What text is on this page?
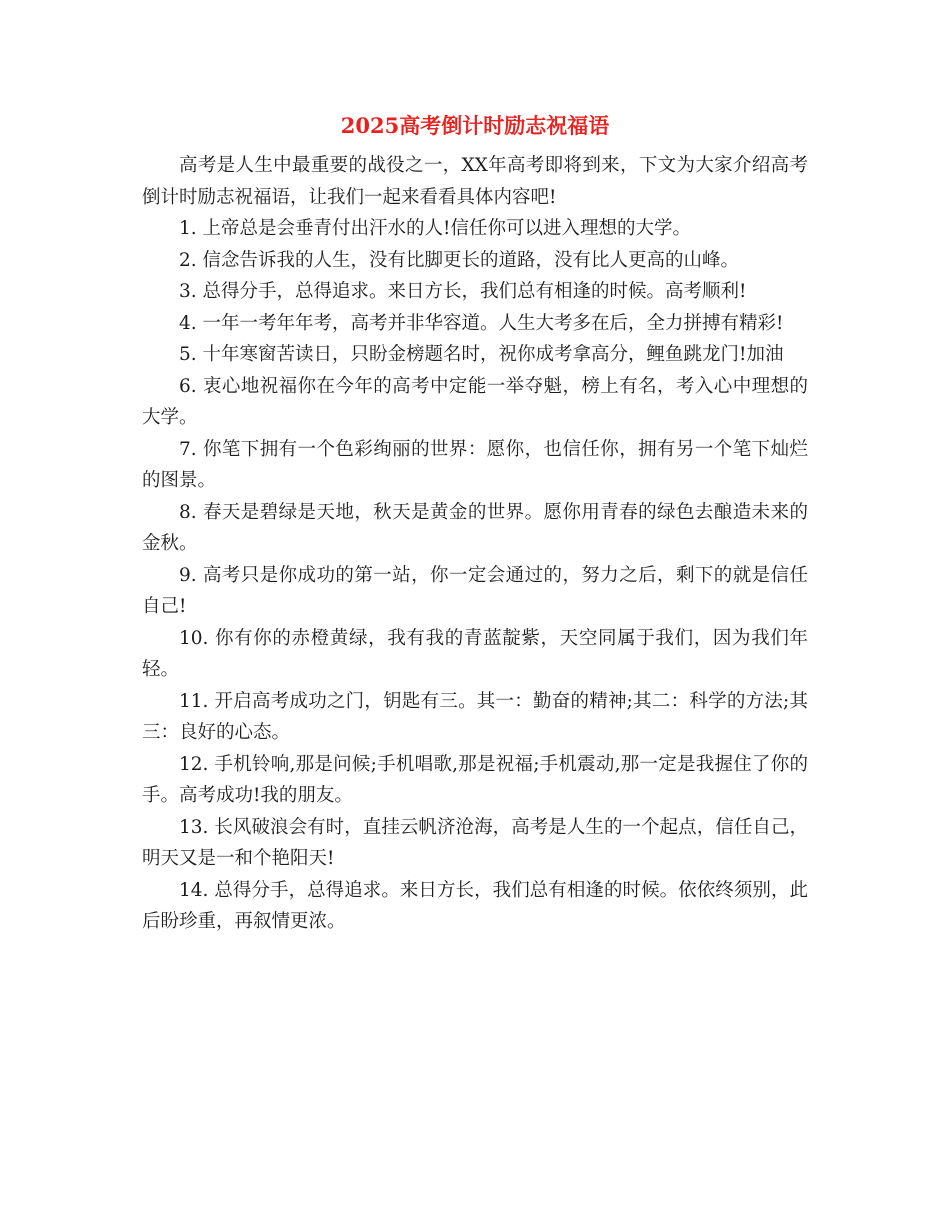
2025高考倒计时励志祝福语

高考是人生中最重要的战役之一，XX年高考即将到来，下文为大家介绍高考倒计时励志祝福语，让我们一起来看看具体内容吧!

1. 上帝总是会垂青付出汗水的人!信任你可以进入理想的大学。

2. 信念告诉我的人生，没有比脚更长的道路，没有比人更高的山峰。

3. 总得分手，总得追求。来日方长，我们总有相逢的时候。高考顺利!

4. 一年一考年年考，高考并非华容道。人生大考多在后，全力拼搏有精彩!

5. 十年寒窗苦读日，只盼金榜题名时，祝你成考拿高分，鲤鱼跳龙门!加油

6. 衷心地祝福你在今年的高考中定能一举夺魁，榜上有名，考入心中理想的大学。

7. 你笔下拥有一个色彩绚丽的世界：愿你，也信任你，拥有另一个笔下灿烂的图景。

8. 春天是碧绿是天地，秋天是黄金的世界。愿你用青春的绿色去酿造未来的金秋。

9. 高考只是你成功的第一站，你一定会通过的，努力之后，剩下的就是信任自己!

10. 你有你的赤橙黄绿，我有我的青蓝靛紫，天空同属于我们，因为我们年轻。

11. 开启高考成功之门，钥匙有三。其一：勤奋的精神;其二：科学的方法;其三：良好的心态。

12. 手机铃响,那是问候;手机唱歌,那是祝福;手机震动,那一定是我握住了你的手。高考成功!我的朋友。

13. 长风破浪会有时，直挂云帆济沧海，高考是人生的一个起点，信任自己，明天又是一和个艳阳天!

14. 总得分手，总得追求。来日方长，我们总有相逢的时候。依依终须别，此后盼珍重，再叙情更浓。
